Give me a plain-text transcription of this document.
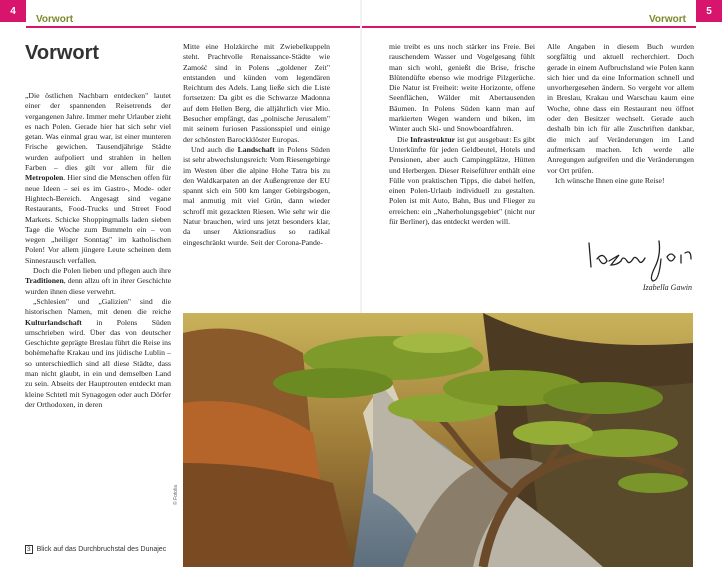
4
Vorwort	Vorwort
5
Vorwort

„Die östlichen Nachbarn entdecken" lautet einer der spannenden Reisetrends der vergangenen Jahre. Immer mehr Urlauber zieht es nach Polen. Gerade hier hat sich sehr viel getan. Was einmal grau war, ist einer munteren Frische gewichen. Tausendjährige Städte wurden aufpoliert und strahlen in hellen Farben – dies gilt vor allem für die Metropolen. Hier sind die Menschen offen für neue Ideen – sei es im Gastro-, Mode- oder Hightech-Bereich. Angesagt sind vegane Restaurants, Food-Trucks und Street Food Markets. Schicke Shoppingmalls laden sieben Tage die Woche zum Bummeln ein – von wegen „heiliger Sonntag" im katholischen Polen! Vor allem jüngere Leute scheinen dem Sinnesrausch verfallen.

Doch die Polen lieben und pflegen auch ihre Traditionen, denn allzu oft in ihrer Geschichte wurden ihnen diese verwehrt.

„Schlesien" und „Galizien" sind die historischen Namen, mit denen die reiche Kulturlandschaft in Polens Süden umschrieben wird. Über das von deutscher Geschichte geprägte Breslau führt die Reise ins bohèmehafte Krakau und ins jüdische Lublin – so unterschiedlich sind all diese Städte, dass man nicht glaubt, in ein und demselben Land zu sein. Abseits der Hauptrouten entdeckt man kleine Schtetl mit Synagogen oder auch Dörfer der Orthodoxen, in deren

Mitte eine Holzkirche mit Zwiebelkuppeln steht. Prachtvolle Renaissance-Städte wie Zamość sind in Polens „goldener Zeit" entstanden und künden vom legendären Reichtum des Adels. Lang ließe sich die Liste fortsetzen: Da gibt es die Schwarze Madonna auf dem Hellen Berg, die alljährlich vier Mio. Besucher empfängt, das „polnische Jerusalem" mit seinem furiosen Passionsspiel und einige der schönsten Barockklöster Europas.

Und auch die Landschaft in Polens Süden ist sehr abwechslungsreich: Vom Riesengebirge im Westen über die alpine Hohe Tatra bis zu den Waldkarpaten an der Außengrenze der EU spannt sich ein 500 km langer Gebirgsbogen, mal anmutig mit viel Grün, dann wieder schroff mit gezackten Riesen. Wie sehr wir die Natur brauchen, wird uns jetzt besonders klar, da unser Aktionsradius so radikal eingeschränkt wurde. Seit der Corona-Pande-

mie treibt es uns noch stärker ins Freie. Bei rauschendem Wasser und Vogelgesang fühlt man sich wohl, genießt die Brise, frische Blütendüfte ebenso wie modrige Pilzgerüche. Die Natur ist Freiheit: weite Horizonte, offene Seenflächen, Wälder mit Abertausenden Bäumen. In Polens Süden kann man auf markierten Wegen wandern und biken, im Winter auch Ski- und Snowboardfahren.

Die Infrastruktur ist gut ausgebaut: Es gibt Unterkünfte für jeden Geldbeutel, Hotels und Pensionen, aber auch Campingplätze, Hütten und Herbergen. Dieser Reiseführer enthält eine Fülle von praktischen Tipps, die dabei helfen, einen Polen-Urlaub individuell zu gestalten. Polen ist mit Auto, Bahn, Bus und Flieger zu erreichen: ein „Naherholungsgebiet" (nicht nur für Berliner), das entdeckt werden will.

Alle Angaben in diesem Buch wurden sorgfältig und aktuell recherchiert. Doch gerade in einem Aufbruchsland wie Polen kann sich hier und da eine Information schnell und unvorhergesehen ändern. So vergeht vor allem in Breslau, Krakau und Warschau kaum eine Woche, ohne dass ein Restaurant neu öffnet oder den Besitzer wechselt. Gerade auch deshalb bin ich für alle Zuschriften dankbar, die mich auf Veränderungen im Land aufmerksam machen. Ich werde alle Anregungen aufgreifen und die Veränderungen vor Ort prüfen.

Ich wünsche Ihnen eine gute Reise!

Izabella Gawin
© Fotolia
3 Blick auf das Durchbruchstal des Dunajec
